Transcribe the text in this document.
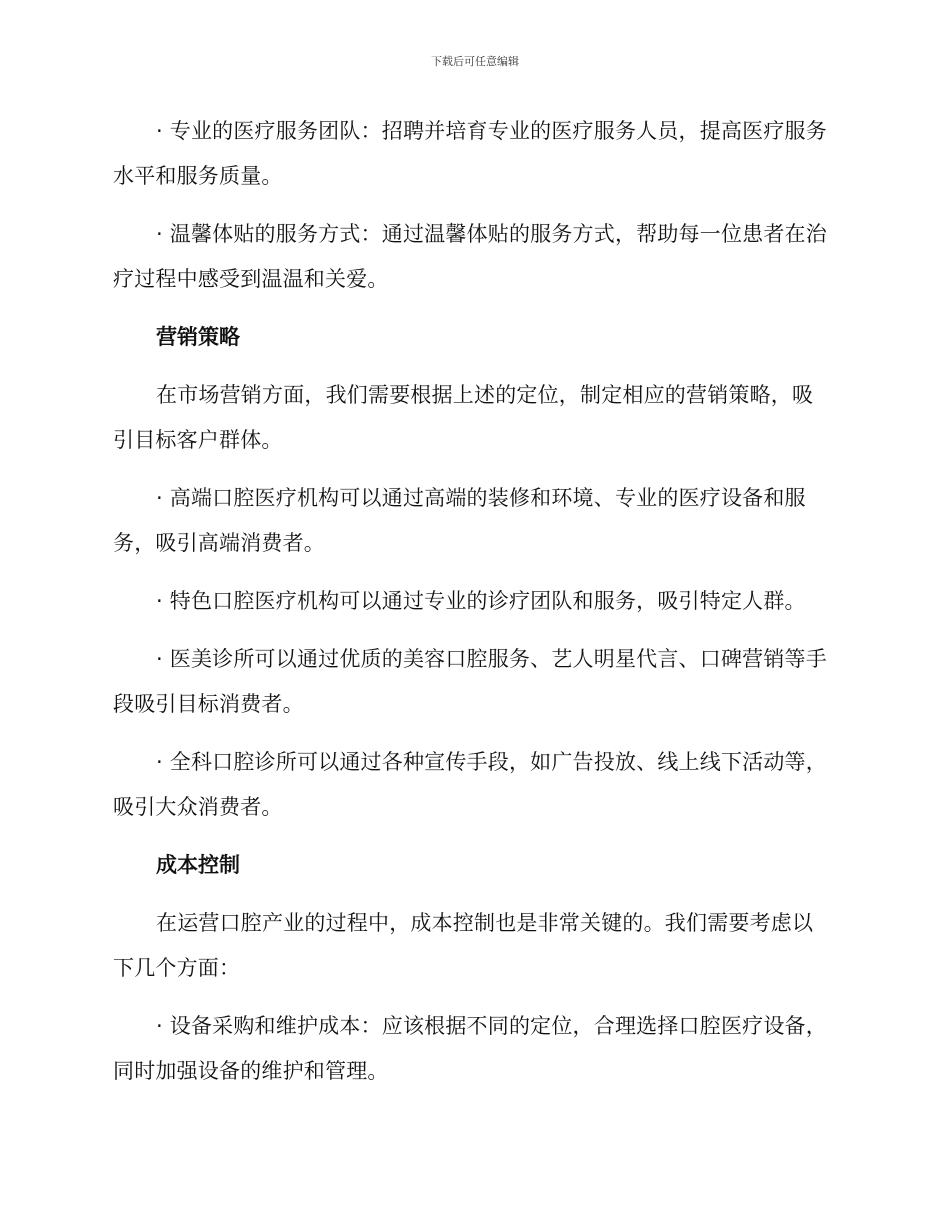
下载后可任意编辑

· 专业的医疗服务团队：招聘并培育专业的医疗服务人员，提高医疗服务水平和服务质量。

· 温馨体贴的服务方式：通过温馨体贴的服务方式，帮助每一位患者在治疗过程中感受到温温和关爱。

营销策略

在市场营销方面，我们需要根据上述的定位，制定相应的营销策略，吸引目标客户群体。

· 高端口腔医疗机构可以通过高端的装修和环境、专业的医疗设备和服务，吸引高端消费者。

· 特色口腔医疗机构可以通过专业的诊疗团队和服务，吸引特定人群。

· 医美诊所可以通过优质的美容口腔服务、艺人明星代言、口碑营销等手段吸引目标消费者。

· 全科口腔诊所可以通过各种宣传手段，如广告投放、线上线下活动等，吸引大众消费者。

成本控制

在运营口腔产业的过程中，成本控制也是非常关键的。我们需要考虑以下几个方面：

· 设备采购和维护成本：应该根据不同的定位，合理选择口腔医疗设备，同时加强设备的维护和管理。
